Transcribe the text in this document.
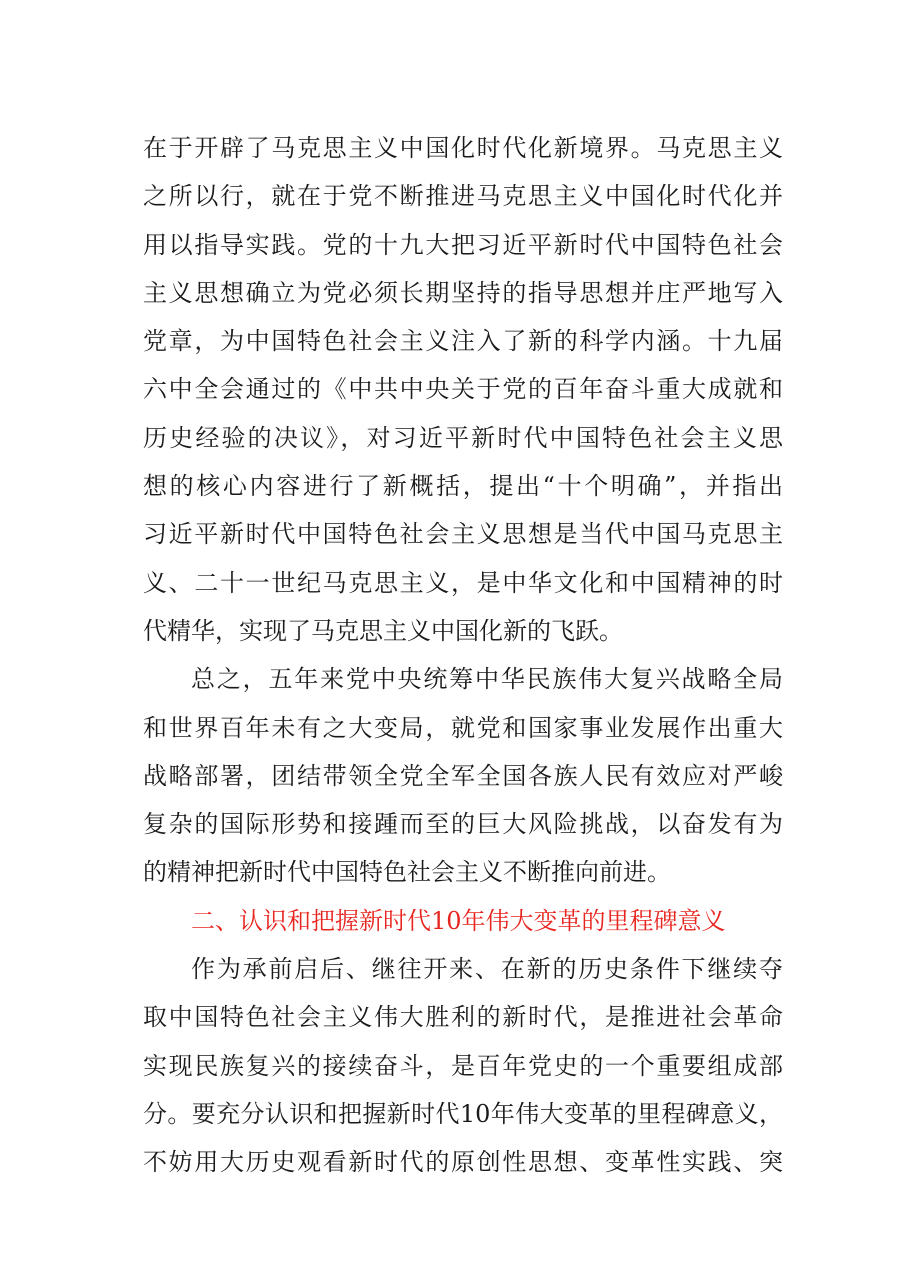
在于开辟了马克思主义中国化时代化新境界。马克思主义
之所以行，就在于党不断推进马克思主义中国化时代化并
用以指导实践。党的十九大把习近平新时代中国特色社会
主义思想确立为党必须长期坚持的指导思想并庄严地写入
党章，为中国特色社会主义注入了新的科学内涵。十九届
六中全会通过的《中共中央关于党的百年奋斗重大成就和
历史经验的决议》，对习近平新时代中国特色社会主义思
想的核心内容进行了新概括，提出“十个明确”，并指出
习近平新时代中国特色社会主义思想是当代中国马克思主
义、二十一世纪马克思主义，是中华文化和中国精神的时
代精华，实现了马克思主义中国化新的飞跃。
总之，五年来党中央统筹中华民族伟大复兴战略全局
和世界百年未有之大变局，就党和国家事业发展作出重大
战略部署，团结带领全党全军全国各族人民有效应对严峻
复杂的国际形势和接踵而至的巨大风险挑战，以奋发有为
的精神把新时代中国特色社会主义不断推向前进。
二、认识和把握新时代10年伟大变革的里程碑意义
作为承前启后、继往开来、在新的历史条件下继续夺
取中国特色社会主义伟大胜利的新时代，是推进社会革命
实现民族复兴的接续奋斗，是百年党史的一个重要组成部
分。要充分认识和把握新时代10年伟大变革的里程碑意义，
不妨用大历史观看新时代的原创性思想、变革性实践、突
